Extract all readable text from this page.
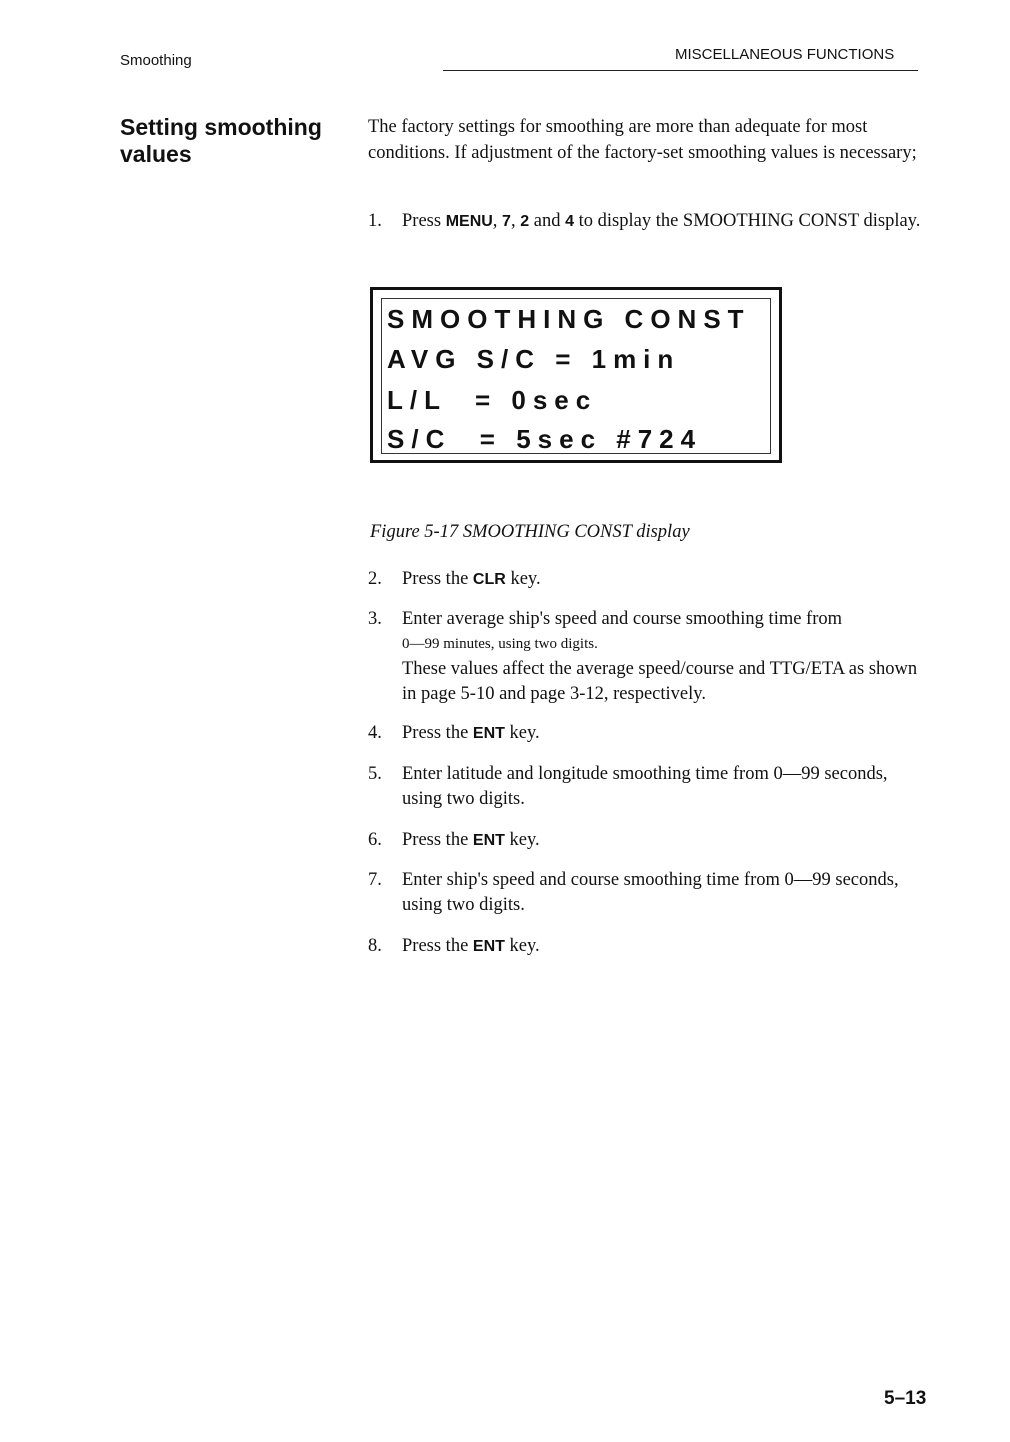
Smoothing	MISCELLANEOUS FUNCTIONS
Setting smoothing values

The factory settings for smoothing are more than adequate for most conditions. If adjustment of the factory-set smoothing values is necessary;

1. Press MENU, 7, 2 and 4 to display the SMOOTHING CONST display.
SMOOTHING CONST
AVG S/C = 1min
L/L  = 0sec
S/C  = 5sec #724
Figure 5-17 SMOOTHING CONST display
2. Press the CLR key.
3. Enter average ship's speed and course smoothing time from
0—99 minutes, using two digits.
These values affect the average speed/course and TTG/ETA as shown in page 5-10 and page 3-12, respectively.
4. Press the ENT key.
5. Enter latitude and longitude smoothing time from 0—99 seconds, using two digits.
6. Press the ENT key.
7. Enter ship's speed and course smoothing time from 0—99 seconds, using two digits.
8. Press the ENT key.
5–13
